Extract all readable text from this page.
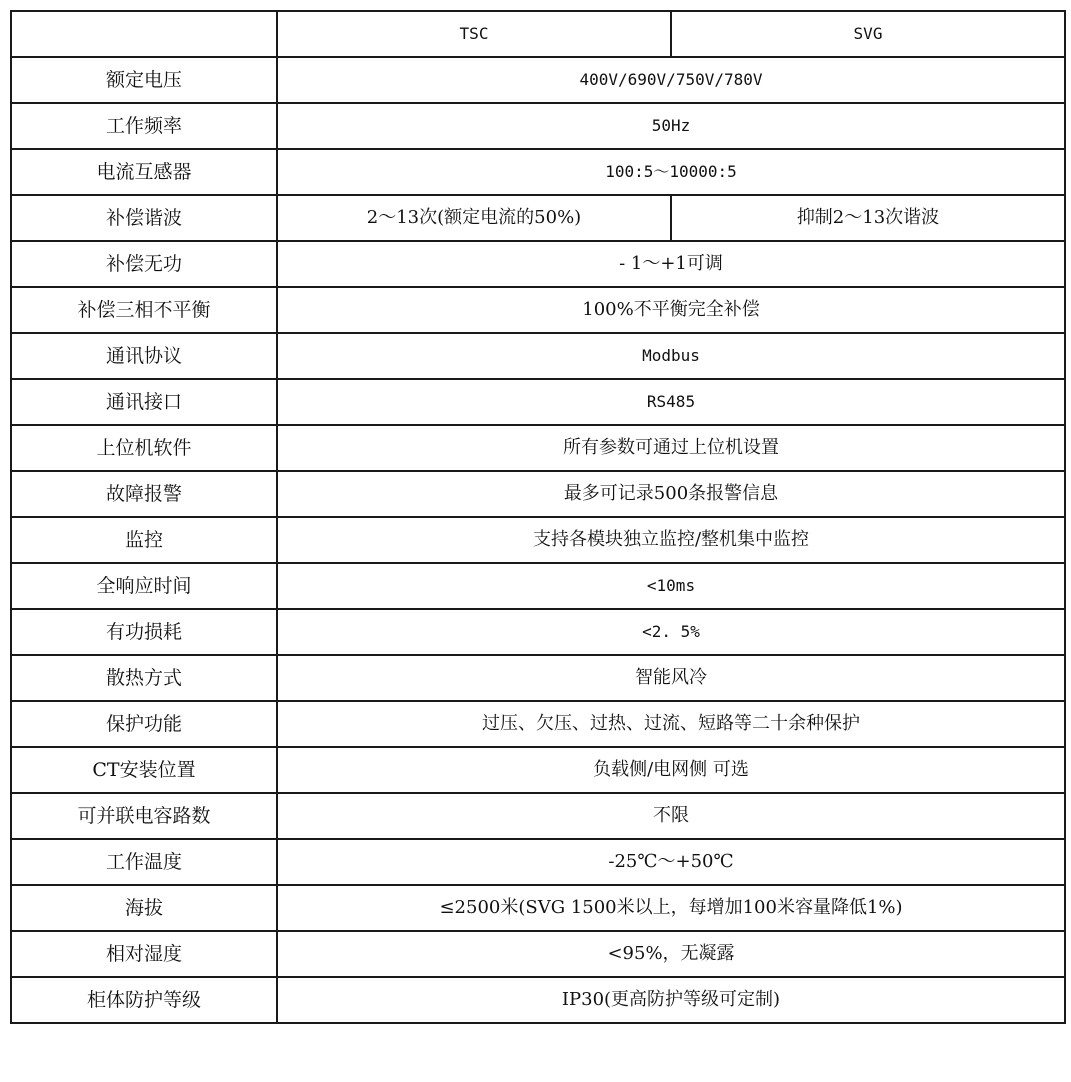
	TSC	SVG
额定电压	400V/690V/750V/780V	
工作频率	50Hz	
电流互感器	100:5～10000:5	
补偿谐波	2～13次(额定电流的50%)	抑制2～13次谐波
补偿无功	- 1～+1可调	
补偿三相不平衡	100%不平衡完全补偿	
通讯协议	Modbus	
通讯接口	RS485	
上位机软件	所有参数可通过上位机设置	
故障报警	最多可记录500条报警信息	
监控	支持各模块独立监控/整机集中监控	
全响应时间	<10ms	
有功损耗	<2. 5%	
散热方式	智能风冷	
保护功能	过压、欠压、过热、过流、短路等二十余种保护	
CT安装位置	负载侧/电网侧 可选	
可并联电容路数	不限	
工作温度	-25℃～+50℃	
海拔	≤2500米(SVG 1500米以上，每增加100米容量降低1%)	
相对湿度	<95%，无凝露	
柜体防护等级	IP30(更高防护等级可定制)	
